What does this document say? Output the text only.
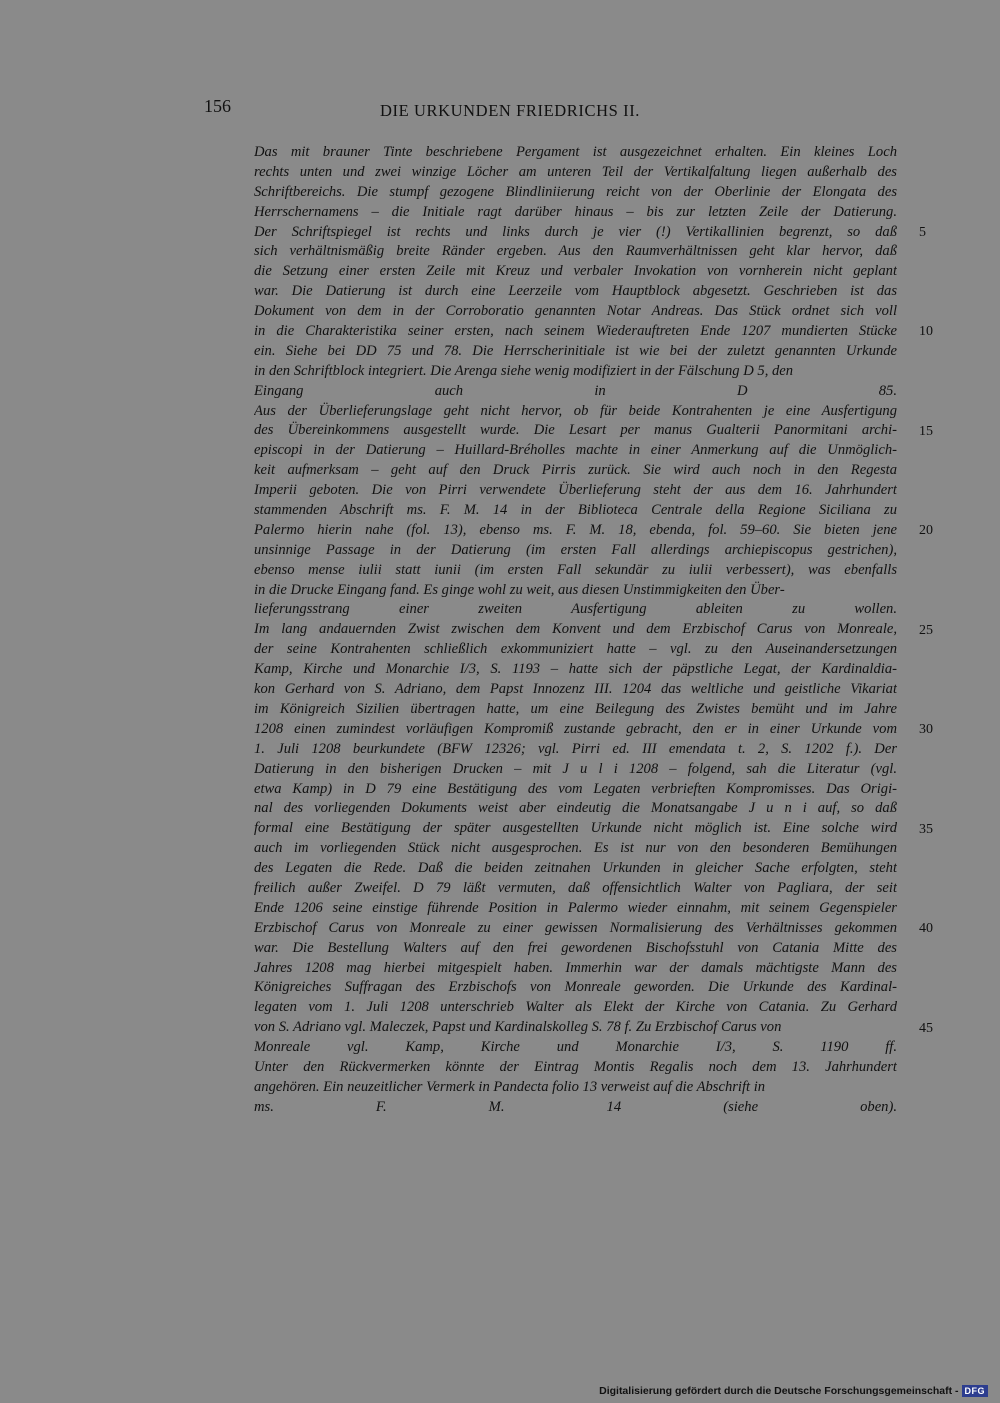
156	DIE URKUNDEN FRIEDRICHS II.
Das mit brauner Tinte beschriebene Pergament ist ausgezeichnet erhalten. Ein kleines Loch
rechts unten und zwei winzige Löcher am unteren Teil der Vertikalfaltung liegen außerhalb des
Schriftbereichs. Die stumpf gezogene Blindliniierung reicht von der Oberlinie der Elongata des
Herrschernamens – die Initiale ragt darüber hinaus – bis zur letzten Zeile der Datierung.
Der Schriftspiegel ist rechts und links durch je vier (!) Vertikallinien begrenzt, so daß
sich verhältnismäßig breite Ränder ergeben. Aus den Raumverhältnissen geht klar hervor, daß
die Setzung einer ersten Zeile mit Kreuz und verbaler Invokation von vornherein nicht geplant
war. Die Datierung ist durch eine Leerzeile vom Hauptblock abgesetzt. Geschrieben ist das
Dokument von dem in der Corroboratio genannten Notar Andreas. Das Stück ordnet sich voll
in die Charakteristika seiner ersten, nach seinem Wiederauftreten Ende 1207 mundierten Stücke
ein. Siehe bei DD 75 und 78. Die Herrscherinitiale ist wie bei der zuletzt genannten Urkunde
in den Schriftblock integriert. Die Arenga siehe wenig modifiziert in der Fälschung D 5, den
Eingang auch in D 85.
Aus der Überlieferungslage geht nicht hervor, ob für beide Kontrahenten je eine Ausfertigung
des Übereinkommens ausgestellt wurde. Die Lesart per manus Gualterii Panormitani archi-
episcopi in der Datierung – Huillard-Bréholles machte in einer Anmerkung auf die Unmöglich-
keit aufmerksam – geht auf den Druck Pirris zurück. Sie wird auch noch in den Regesta
Imperii geboten. Die von Pirri verwendete Überlieferung steht der aus dem 16. Jahrhundert
stammenden Abschrift ms. F. M. 14 in der Biblioteca Centrale della Regione Siciliana zu
Palermo hierin nahe (fol. 13), ebenso ms. F. M. 18, ebenda, fol. 59–60. Sie bieten jene
unsinnige Passage in der Datierung (im ersten Fall allerdings archiepiscopus gestrichen),
ebenso mense iulii statt iunii (im ersten Fall sekundär zu iulii verbessert), was ebenfalls
in die Drucke Eingang fand. Es ginge wohl zu weit, aus diesen Unstimmigkeiten den Über-
lieferungsstrang einer zweiten Ausfertigung ableiten zu wollen.
Im lang andauernden Zwist zwischen dem Konvent und dem Erzbischof Carus von Monreale,
der seine Kontrahenten schließlich exkommuniziert hatte – vgl. zu den Auseinandersetzungen
Kamp, Kirche und Monarchie I/3, S. 1193 – hatte sich der päpstliche Legat, der Kardinaldia-
kon Gerhard von S. Adriano, dem Papst Innozenz III. 1204 das weltliche und geistliche Vikariat
im Königreich Sizilien übertragen hatte, um eine Beilegung des Zwistes bemüht und im Jahre
1208 einen zumindest vorläufigen Kompromiß zustande gebracht, den er in einer Urkunde vom
1. Juli 1208 beurkundete (BFW 12326; vgl. Pirri ed. III emendata t. 2, S. 1202 f.). Der
Datierung in den bisherigen Drucken – mit J u l i 1208 – folgend, sah die Literatur (vgl.
etwa Kamp) in D 79 eine Bestätigung des vom Legaten verbrieften Kompromisses. Das Origi-
nal des vorliegenden Dokuments weist aber eindeutig die Monatsangabe J u n i auf, so daß
formal eine Bestätigung der später ausgestellten Urkunde nicht möglich ist. Eine solche wird
auch im vorliegenden Stück nicht ausgesprochen. Es ist nur von den besonderen Bemühungen
des Legaten die Rede. Daß die beiden zeitnahen Urkunden in gleicher Sache erfolgten, steht
freilich außer Zweifel. D 79 läßt vermuten, daß offensichtlich Walter von Pagliara, der seit
Ende 1206 seine einstige führende Position in Palermo wieder einnahm, mit seinem Gegenspieler
Erzbischof Carus von Monreale zu einer gewissen Normalisierung des Verhältnisses gekommen
war. Die Bestellung Walters auf den frei gewordenen Bischofsstuhl von Catania Mitte des
Jahres 1208 mag hierbei mitgespielt haben. Immerhin war der damals mächtigste Mann des
Königreiches Suffragan des Erzbischofs von Monreale geworden. Die Urkunde des Kardinal-
legaten vom 1. Juli 1208 unterschrieb Walter als Elekt der Kirche von Catania. Zu Gerhard
von S. Adriano vgl. Maleczek, Papst und Kardinalskolleg S. 78 f. Zu Erzbischof Carus von
Monreale vgl. Kamp, Kirche und Monarchie I/3, S. 1190 ff.
Unter den Rückvermerken könnte der Eintrag Montis Regalis noch dem 13. Jahrhundert
angehören. Ein neuzeitlicher Vermerk in Pandecta folio 13 verweist auf die Abschrift in
ms. F. M. 14 (siehe oben).
5
10
15
20
25
30
35
40
45
Digitalisierung gefördert durch die Deutsche Forschungsgemeinschaft - DFG
